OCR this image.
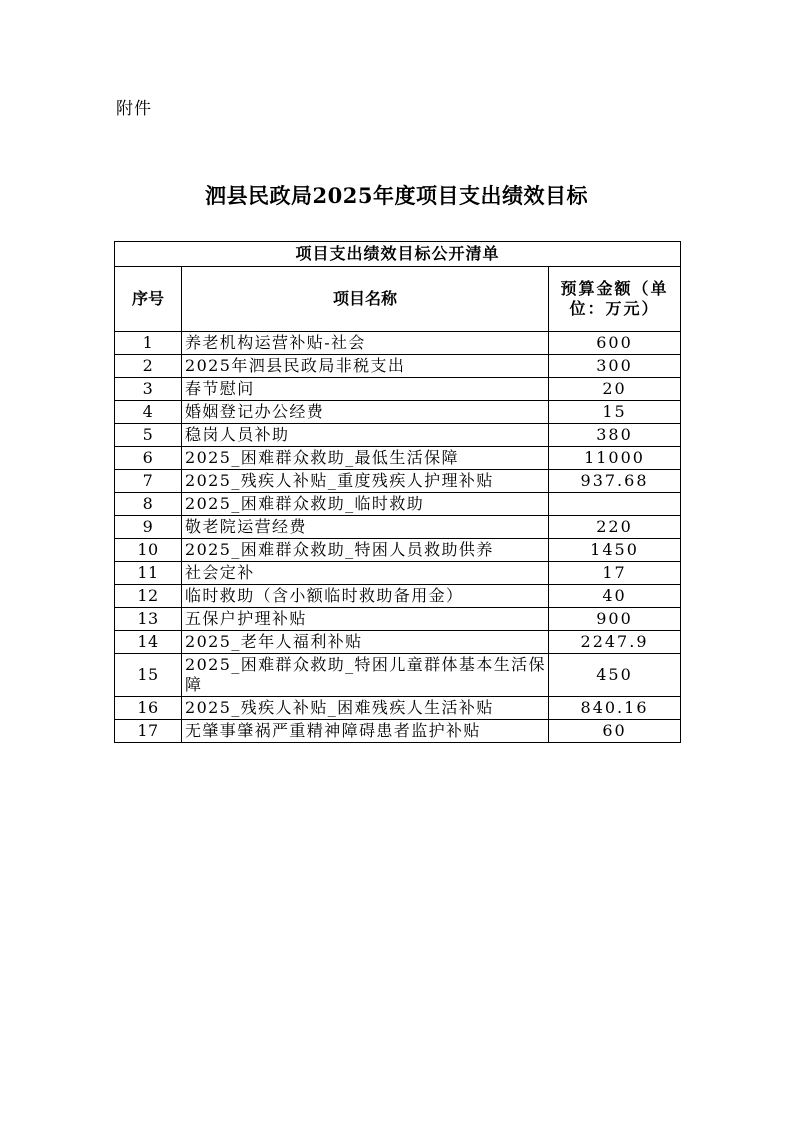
附件
泗县民政局2025年度项目支出绩效目标
项目支出绩效目标公开清单		
序号	项目名称	预算金额（单位：万元）
1	养老机构运营补贴-社会	600
2	2025年泗县民政局非税支出	300
3	春节慰问	20
4	婚姻登记办公经费	15
5	稳岗人员补助	380
6	2025_困难群众救助_最低生活保障	11000
7	2025_残疾人补贴_重度残疾人护理补贴	937.68
8	2025_困难群众救助_临时救助	
9	敬老院运营经费	220
10	2025_困难群众救助_特困人员救助供养	1450
11	社会定补	17
12	临时救助（含小额临时救助备用金）	40
13	五保户护理补贴	900
14	2025_老年人福利补贴	2247.9
15	2025_困难群众救助_特困儿童群体基本生活保障	450
16	2025_残疾人补贴_困难残疾人生活补贴	840.16
17	无肇事肇祸严重精神障碍患者监护补贴	60
